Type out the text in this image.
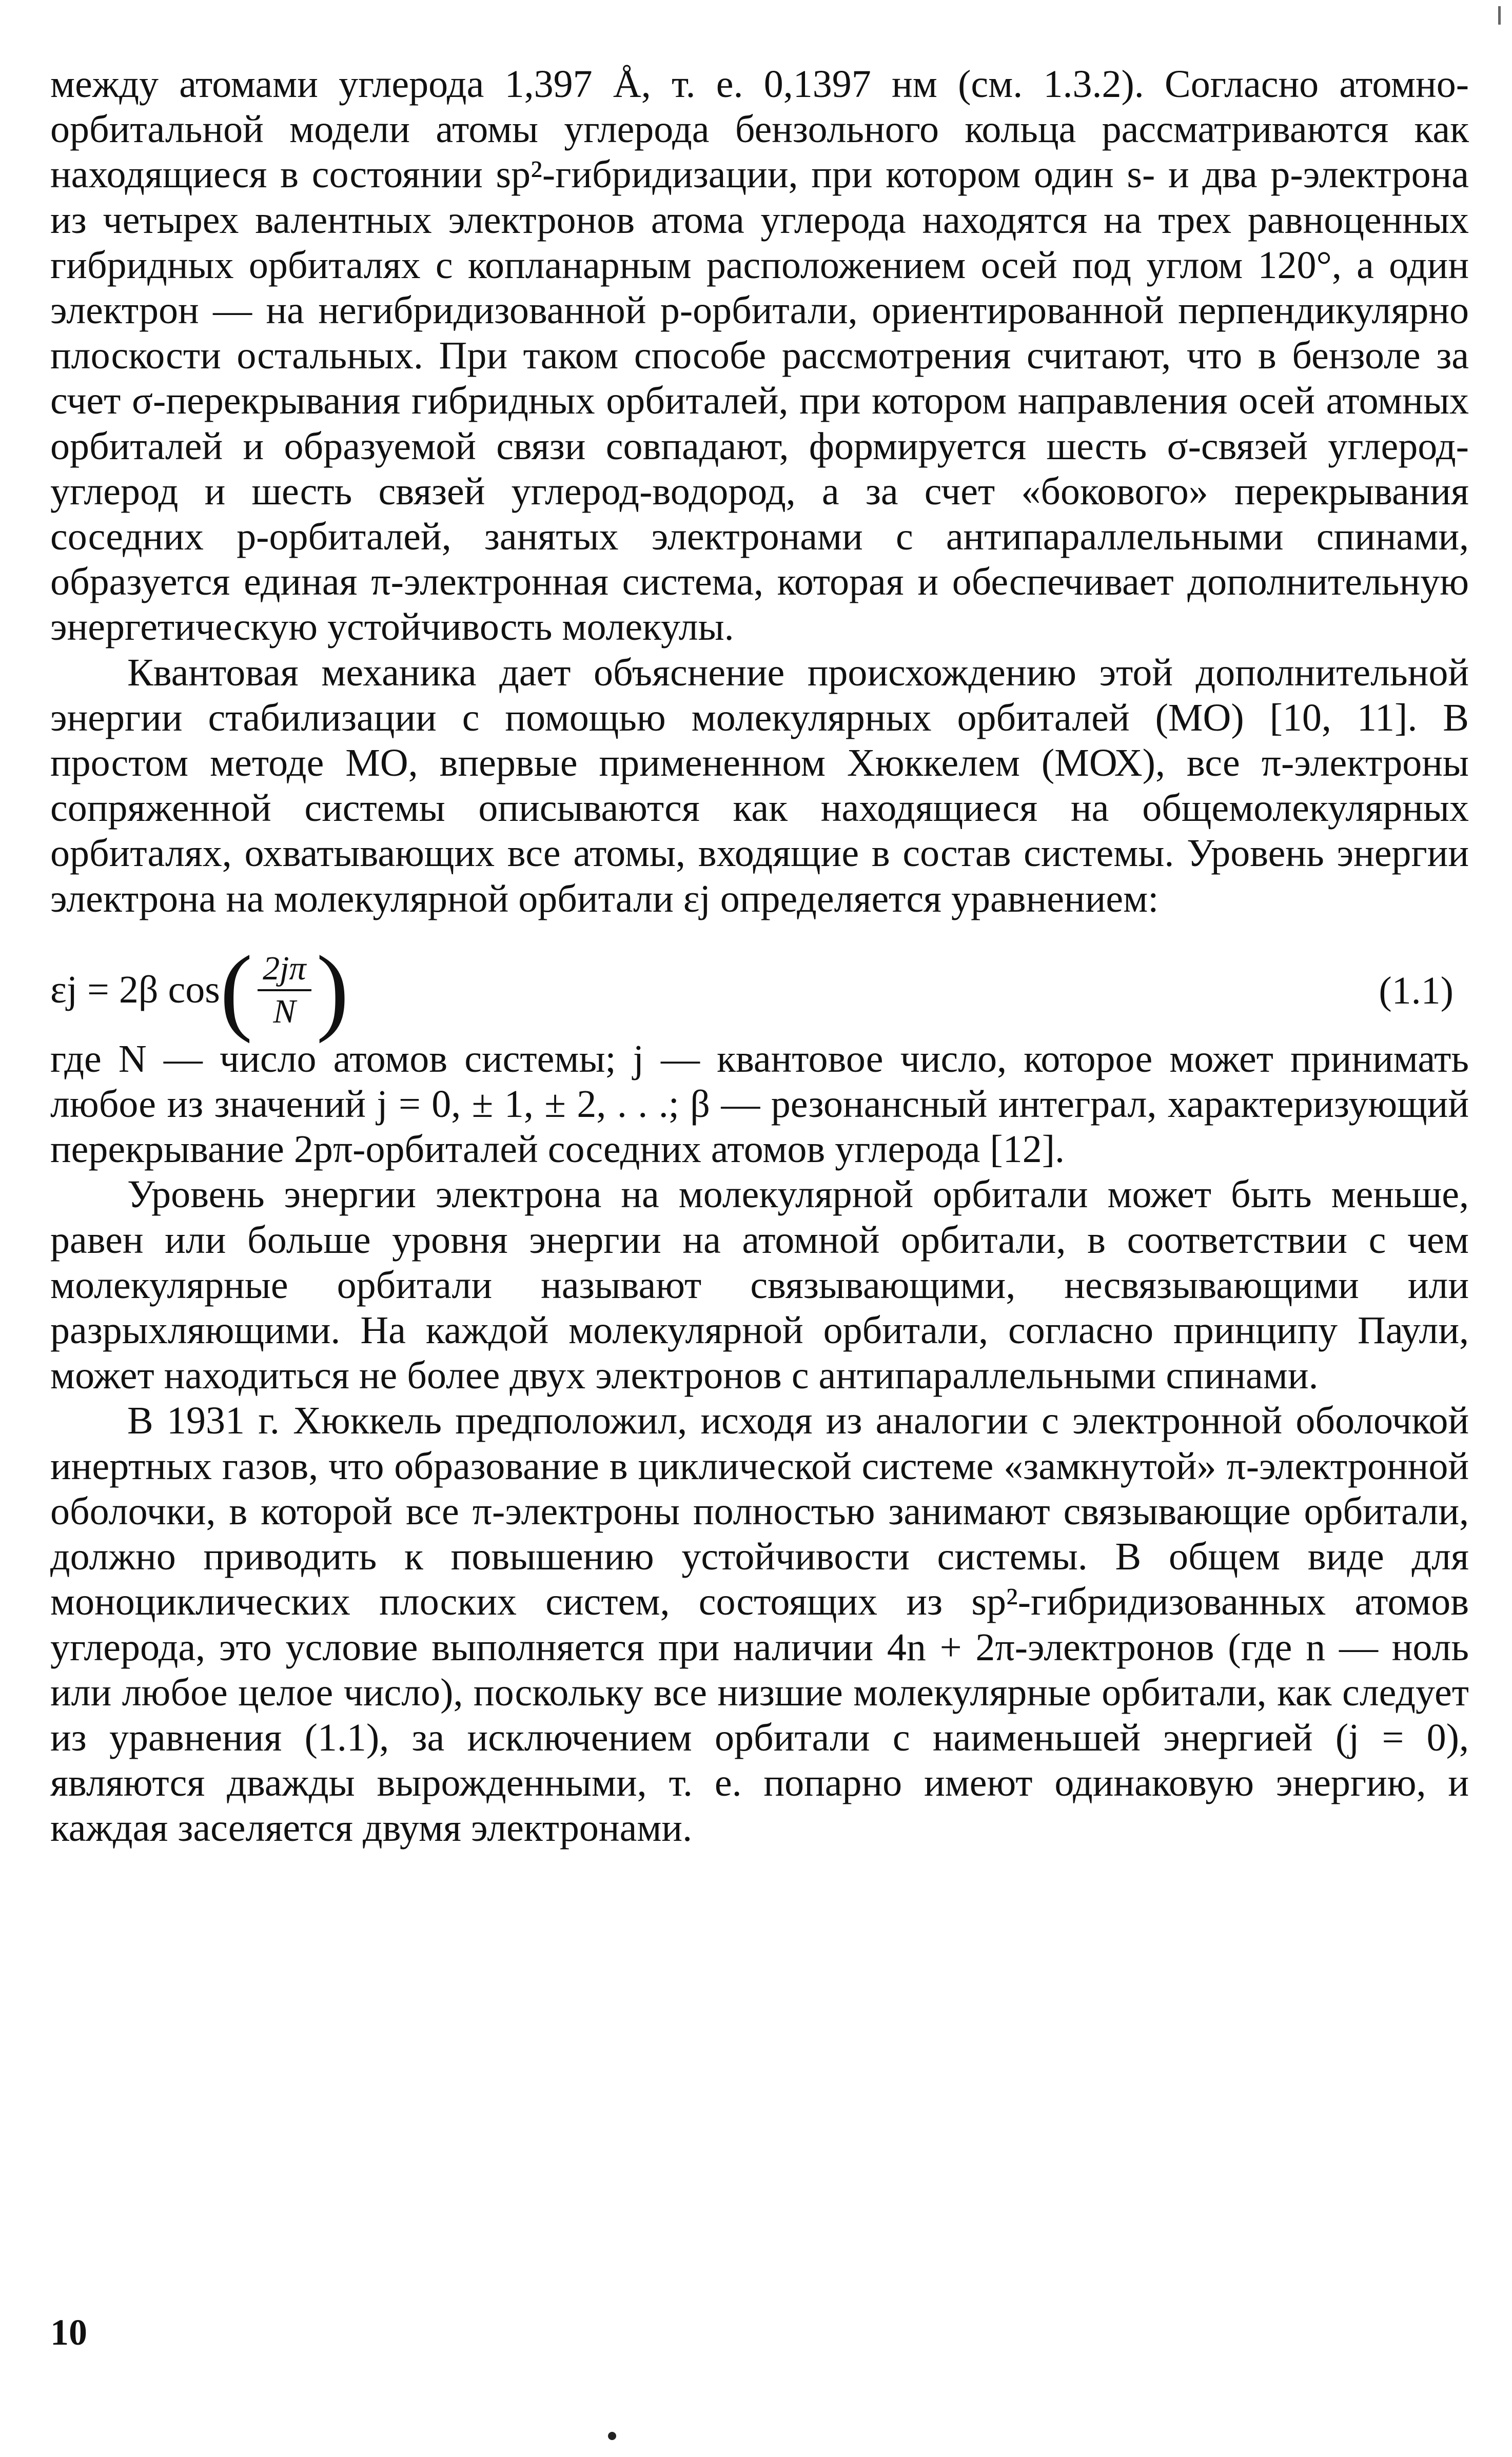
между атомами углерода 1,397 Å, т. е. 0,1397 нм (см. 1.3.2). Согласно атомно-орбитальной модели атомы углерода бензольного кольца рассматриваются как находящиеся в состоянии sp²-гибридизации, при котором один s- и два p-электрона из четырех валентных электронов атома углерода находятся на трех равноценных гибридных орбиталях с копланарным расположением осей под углом 120°, а один электрон — на негибридизованной p-орбитали, ориентированной перпендикулярно плоскости остальных. При таком способе рассмотрения считают, что в бензоле за счет σ-перекрывания гибридных орбиталей, при котором направления осей атомных орбиталей и образуемой связи совпадают, формируется шесть σ-связей углерод-углерод и шесть связей углерод-водород, а за счет «бокового» перекрывания соседних p-орбиталей, занятых электронами с антипараллельными спинами, образуется единая π-электронная система, которая и обеспечивает дополнительную энергетическую устойчивость молекулы.

Квантовая механика дает объяснение происхождению этой дополнительной энергии стабилизации с помощью молекулярных орбиталей (МО) [10, 11]. В простом методе МО, впервые примененном Хюккелем (МОХ), все π-электроны сопряженной системы описываются как находящиеся на общемолекулярных орбиталях, охватывающих все атомы, входящие в состав системы. Уровень энергии электрона на молекулярной орбитали εj определяется уравнением:

εj = 2β cos ( $\frac{2j\pi}{N}$ )	(1.1)

где N — число атомов системы; j — квантовое число, которое может принимать любое из значений j = 0, ± 1, ± 2, . . .; β — резонансный интеграл, характеризующий перекрывание 2pπ-орбиталей соседних атомов углерода [12].

Уровень энергии электрона на молекулярной орбитали может быть меньше, равен или больше уровня энергии на атомной орбитали, в соответствии с чем молекулярные орбитали называют связывающими, несвязывающими или разрыхляющими. На каждой молекулярной орбитали, согласно принципу Паули, может находиться не более двух электронов с антипараллельными спинами.

В 1931 г. Хюккель предположил, исходя из аналогии с электронной оболочкой инертных газов, что образование в циклической системе «замкнутой» π-электронной оболочки, в которой все π-электроны полностью занимают связывающие орбитали, должно приводить к повышению устойчивости системы. В общем виде для моноциклических плоских систем, состоящих из sp²-гибридизованных атомов углерода, это условие выполняется при наличии 4n + 2π-электронов (где n — ноль или любое целое число), поскольку все низшие молекулярные орбитали, как следует из уравнения (1.1), за исключением орбитали с наименьшей энергией (j = 0), являются дважды вырожденными, т. е. попарно имеют одинаковую энергию, и каждая заселяется двумя электронами.

10
